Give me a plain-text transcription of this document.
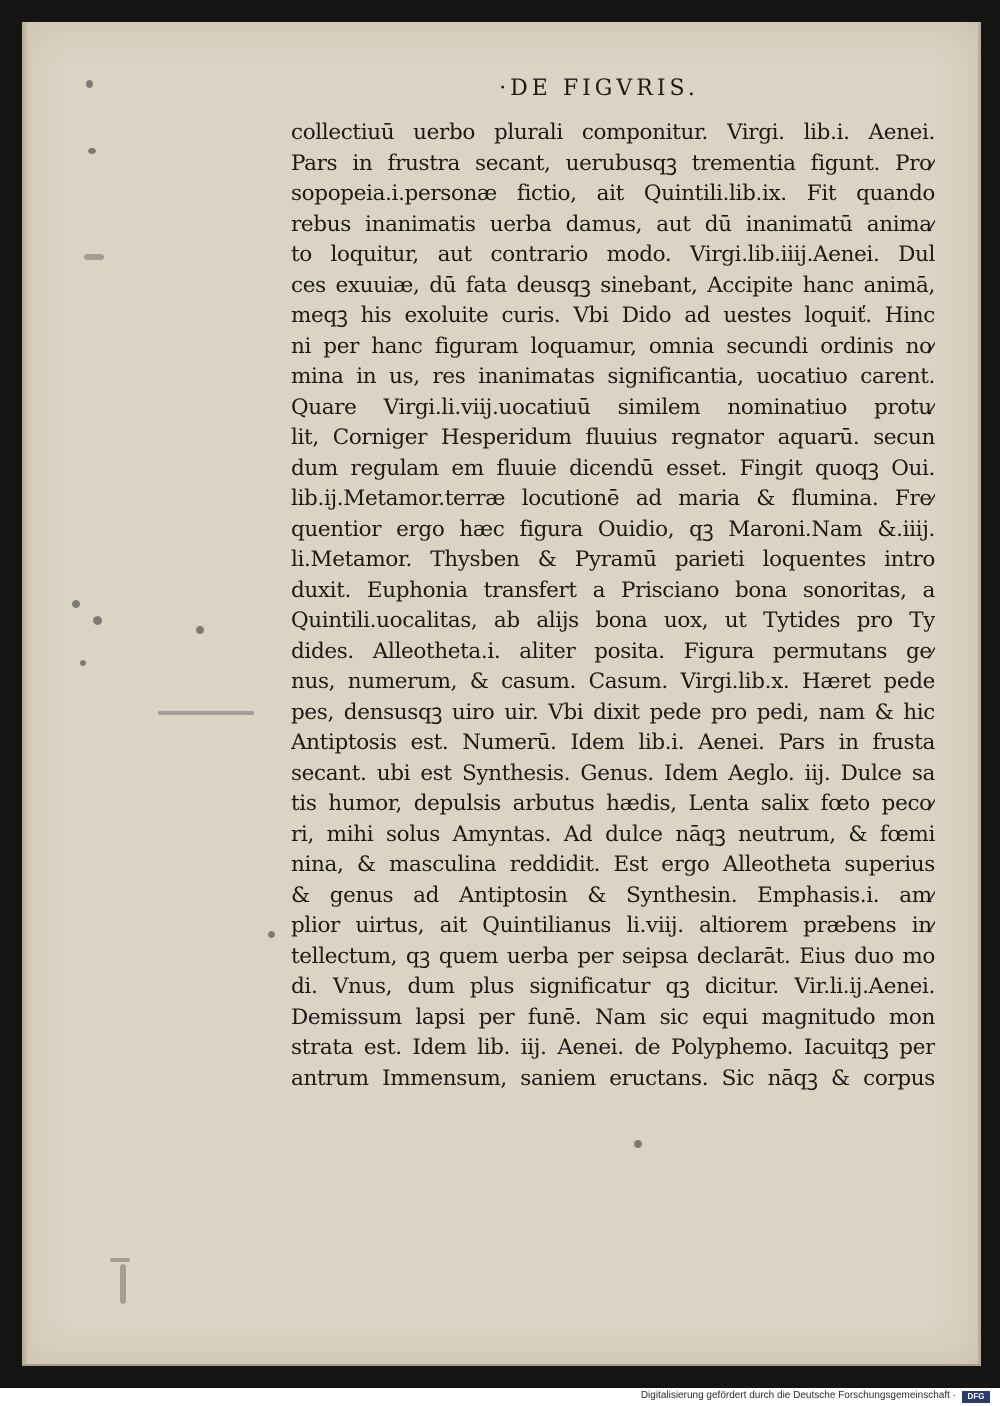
·DE FIGVRIS.
collectiuū uerbo plurali componitur. Virgi. lib.i. Aenei.
Pars in frustra secant, uerubusqꝫ trementia figunt. Pro⁄
sopopeia.i.personæ fictio, ait Quintili.lib.ix. Fit quando
rebus inanimatis uerba damus, aut dū inanimatū anima⁄
to loquitur, aut contrario modo. Virgi.lib.iiij.Aenei. Dul
ces exuuiæ, dū fata deusqꝫ sinebant, Accipite hanc animā,
meqꝫ his exoluite curis. Vbi Dido ad uestes loquiť. Hinc
ni per hanc figuram loquamur, omnia secundi ordinis no⁄
mina in us, res inanimatas significantia, uocatiuo carent.
Quare Virgi.li.viij.uocatiuū similem nominatiuo protu⁄
lit, Corniger Hesperidum fluuius regnator aquarū. secun
dum regulam em fluuie dicendū esset. Fingit quoqꝫ Oui.
lib.ij.Metamor.terræ locutionē ad maria & flumina. Fre⁄
quentior ergo hæc figura Ouidio, qꝫ Maroni.Nam &.iiij.
li.Metamor. Thysben & Pyramū parieti loquentes intro
duxit. Euphonia transfert a Prisciano bona sonoritas, a
Quintili.uocalitas, ab alijs bona uox, ut Tytides pro Ty
dides. Alleotheta.i. aliter posita. Figura permutans ge⁄
nus, numerum, & casum. Casum. Virgi.lib.x. Hæret pede
pes, densusqꝫ uiro uir. Vbi dixit pede pro pedi, nam & hic
Antiptosis est. Numerū. Idem lib.i. Aenei. Pars in frusta
secant. ubi est Synthesis. Genus. Idem Aeglo. iij. Dulce sa
tis humor, depulsis arbutus hædis, Lenta salix fœto peco⁄
ri, mihi solus Amyntas. Ad dulce nāqꝫ neutrum, & fœmi
nina, & masculina reddidit. Est ergo Alleotheta superius
& genus ad Antiptosin & Synthesin. Emphasis.i. am⁄
plior uirtus, ait Quintilianus li.viij. altiorem præbens in⁄
tellectum, qꝫ quem uerba per seipsa declarāt. Eius duo mo
di. Vnus, dum plus significatur qꝫ dicitur. Vir.li.ij.Aenei.
Demissum lapsi per funē. Nam sic equi magnitudo mon
strata est. Idem lib. iij. Aenei. de Polyphemo. Iacuitqꝫ per
antrum Immensum, saniem eructans. Sic nāqꝫ & corpus
Digitalisierung gefördert durch die Deutsche Forschungsgemeinschaft ·	DFG
